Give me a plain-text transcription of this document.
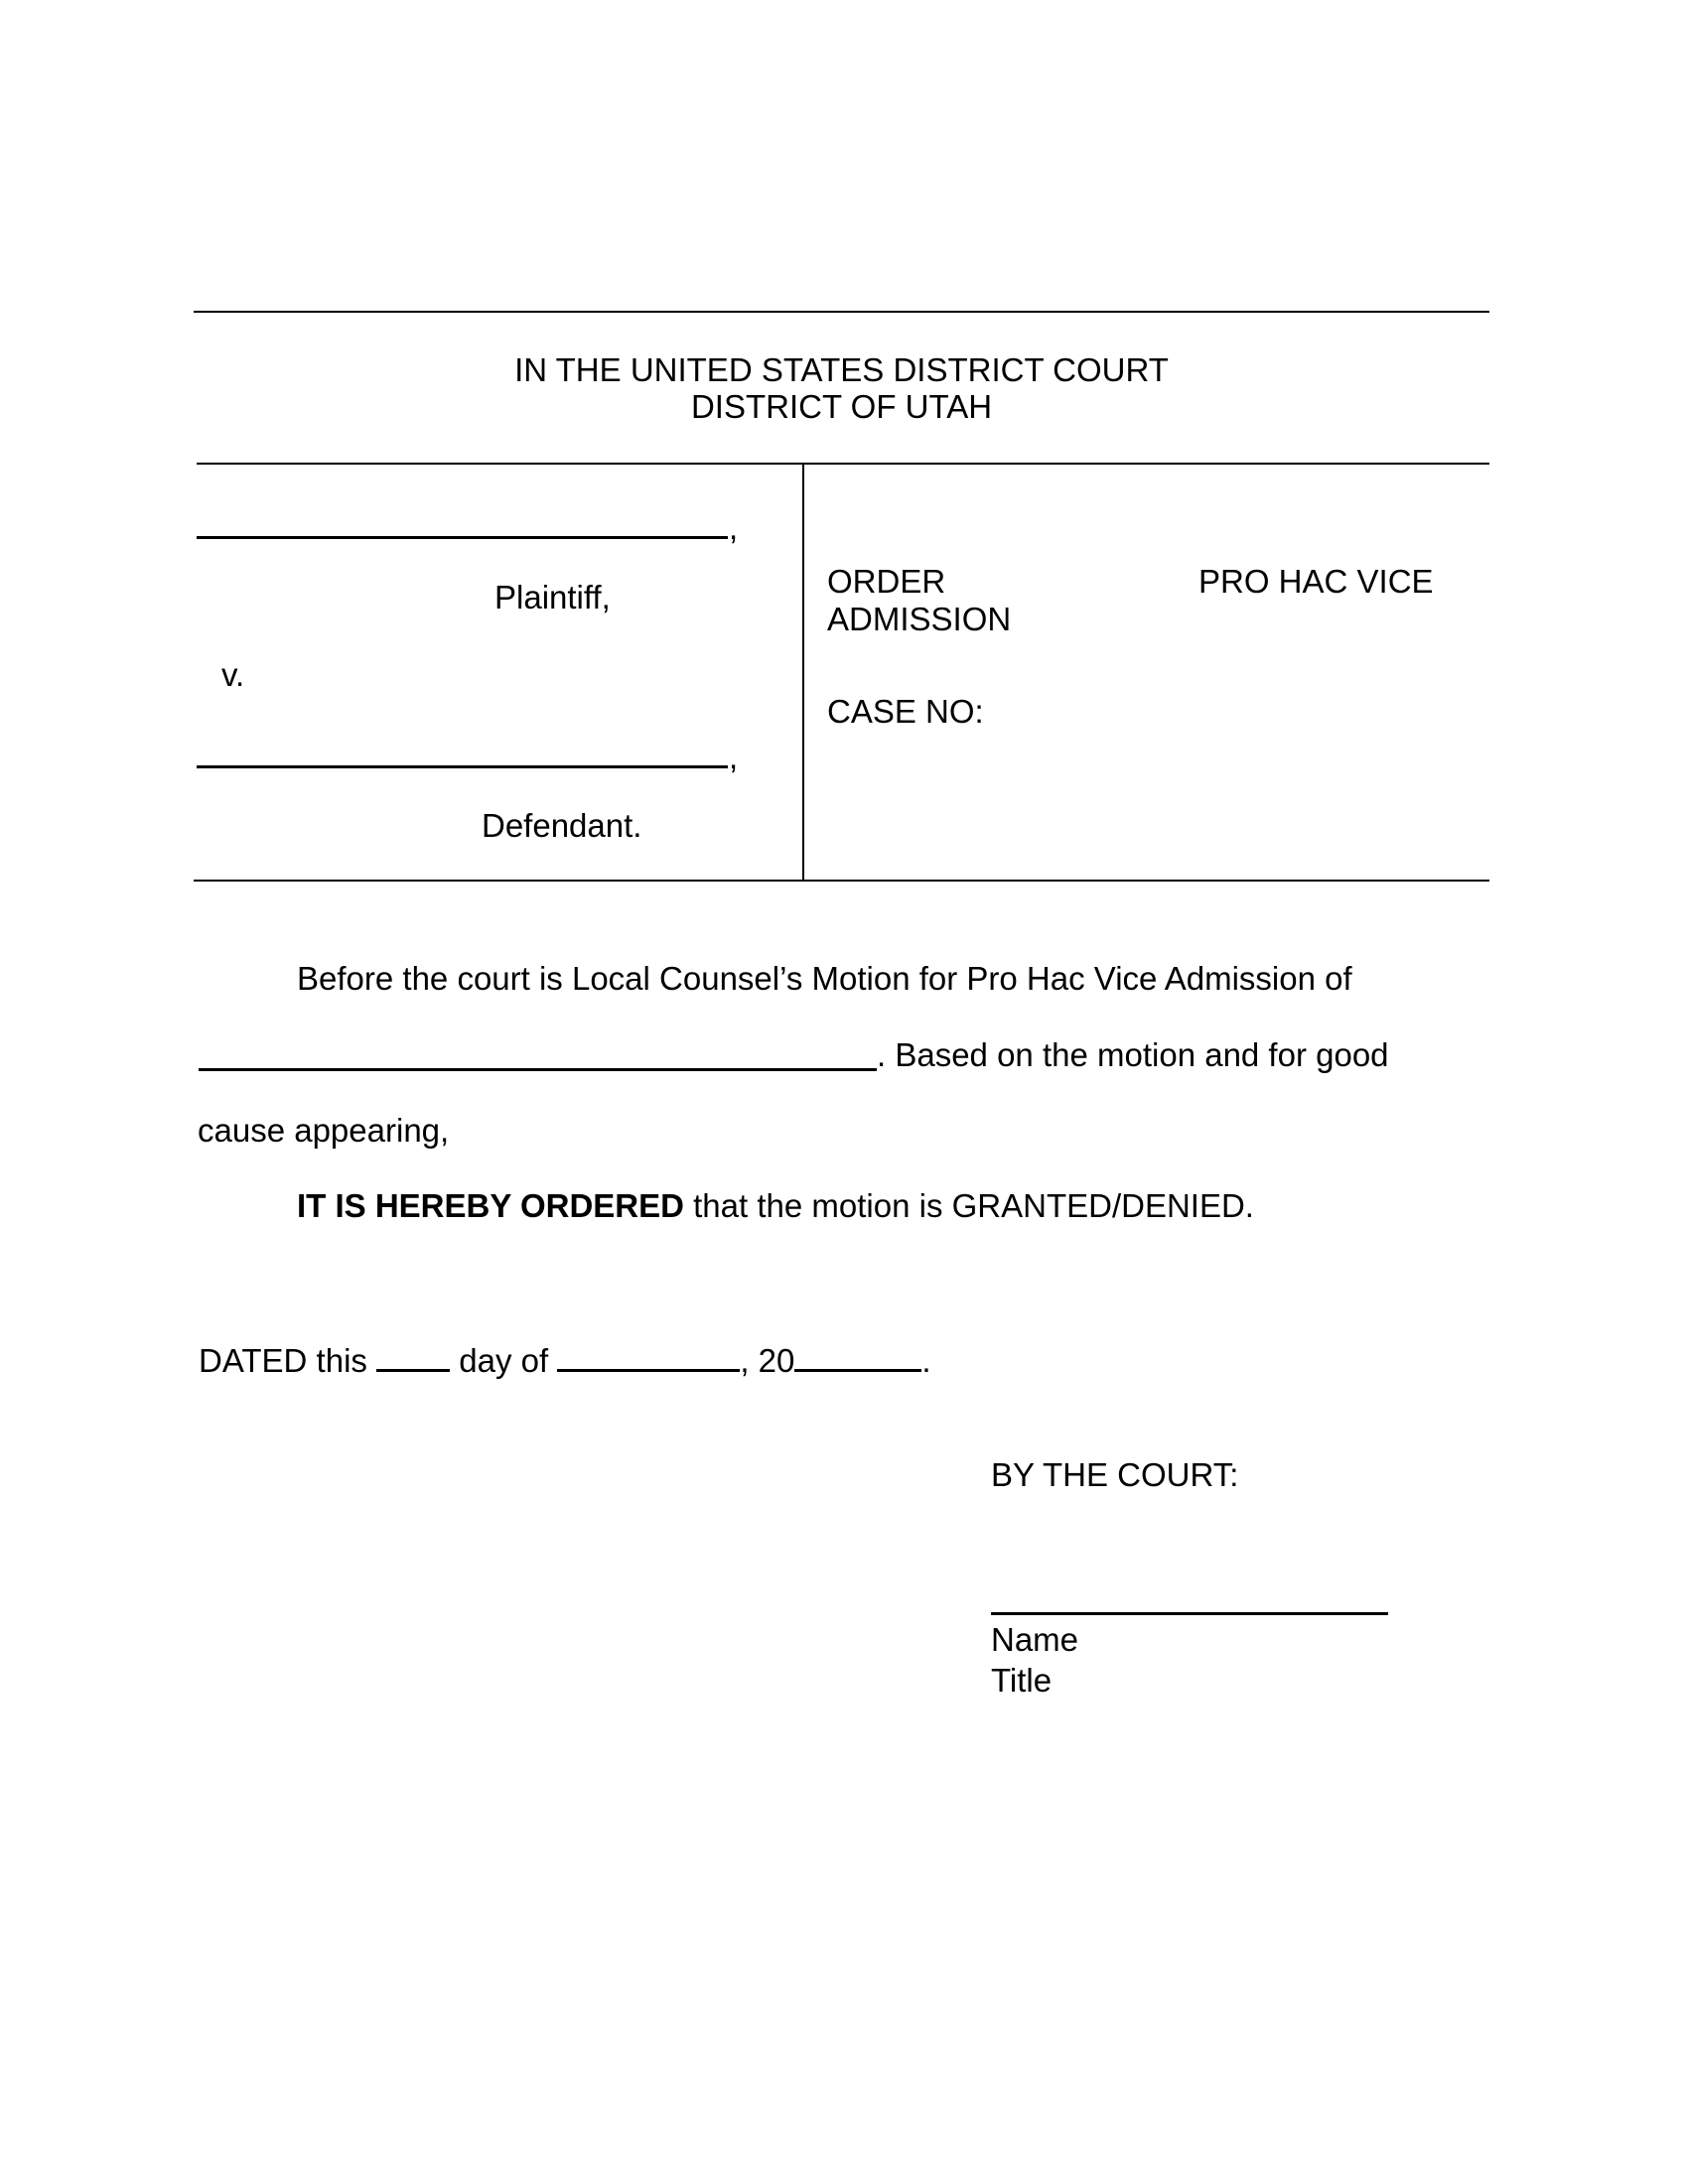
IN THE UNITED STATES DISTRICT COURT
DISTRICT OF UTAH
,
Plaintiff,
v.
,
Defendant.
ORDER	PRO HAC VICE
ADMISSION
CASE NO:
Before the court is Local Counsel’s Motion for Pro Hac Vice Admission of
. Based on the motion and for good
cause appearing,
IT IS HEREBY ORDERED that the motion is GRANTED/DENIED.
DATED this  day of	, 20	.
BY THE COURT:
Name
Title
